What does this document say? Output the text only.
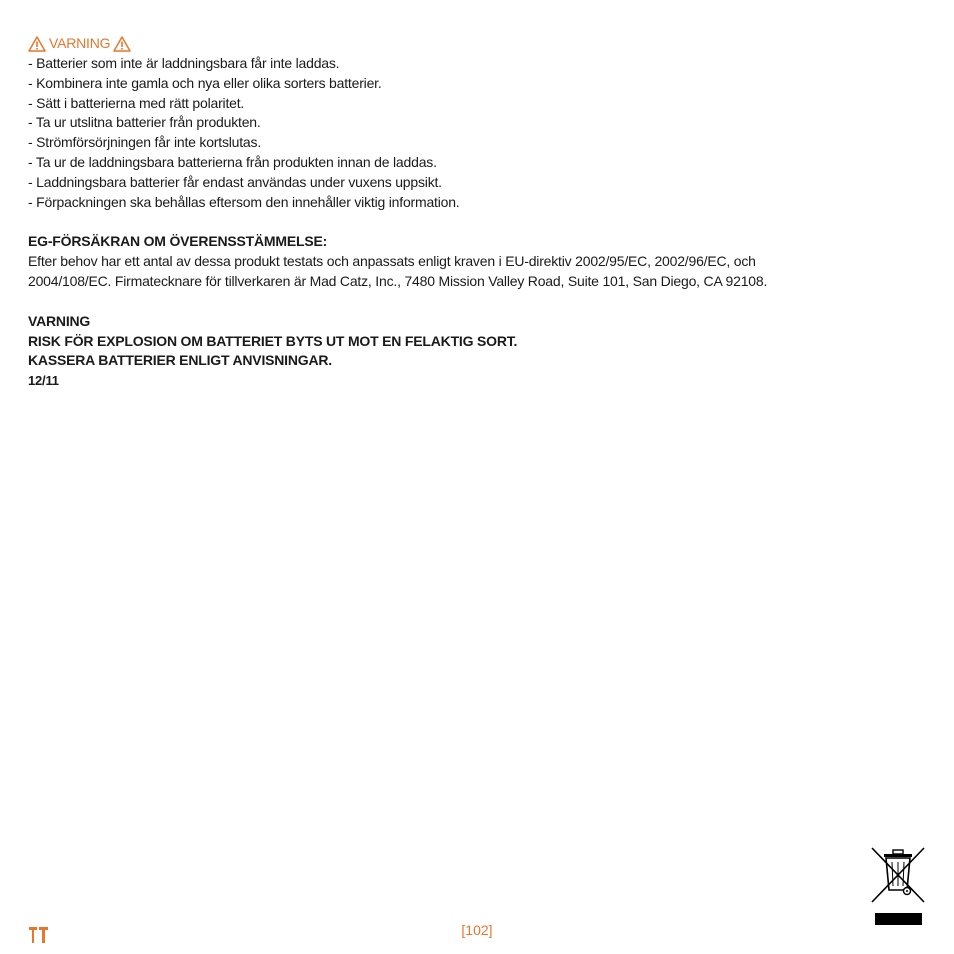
VARNING
- Batterier som inte är laddningsbara får inte laddas.
- Kombinera inte gamla och nya eller olika sorters batterier.
- Sätt i batterierna med rätt polaritet.
- Ta ur utslitna batterier från produkten.
- Strömförsörjningen får inte kortslutas.
- Ta ur de laddningsbara batterierna från produkten innan de laddas.
- Laddningsbara batterier får endast användas under vuxens uppsikt.
- Förpackningen ska behållas eftersom den innehåller viktig information.
EG-FÖRSÄKRAN OM ÖVERENSSTÄMMELSE:
Efter behov har ett antal av dessa produkt testats och anpassats enligt kraven i EU-direktiv 2002/95/EC, 2002/96/EC, och
2004/108/EC. Firmatecknare för tillverkaren är Mad Catz, Inc., 7480 Mission Valley Road, Suite 101, San Diego, CA 92108.
VARNING
RISK FÖR EXPLOSION OM BATTERIET BYTS UT MOT EN FELAKTIG SORT.
KASSERA BATTERIER ENLIGT ANVISNINGAR.
12/11
[102]
